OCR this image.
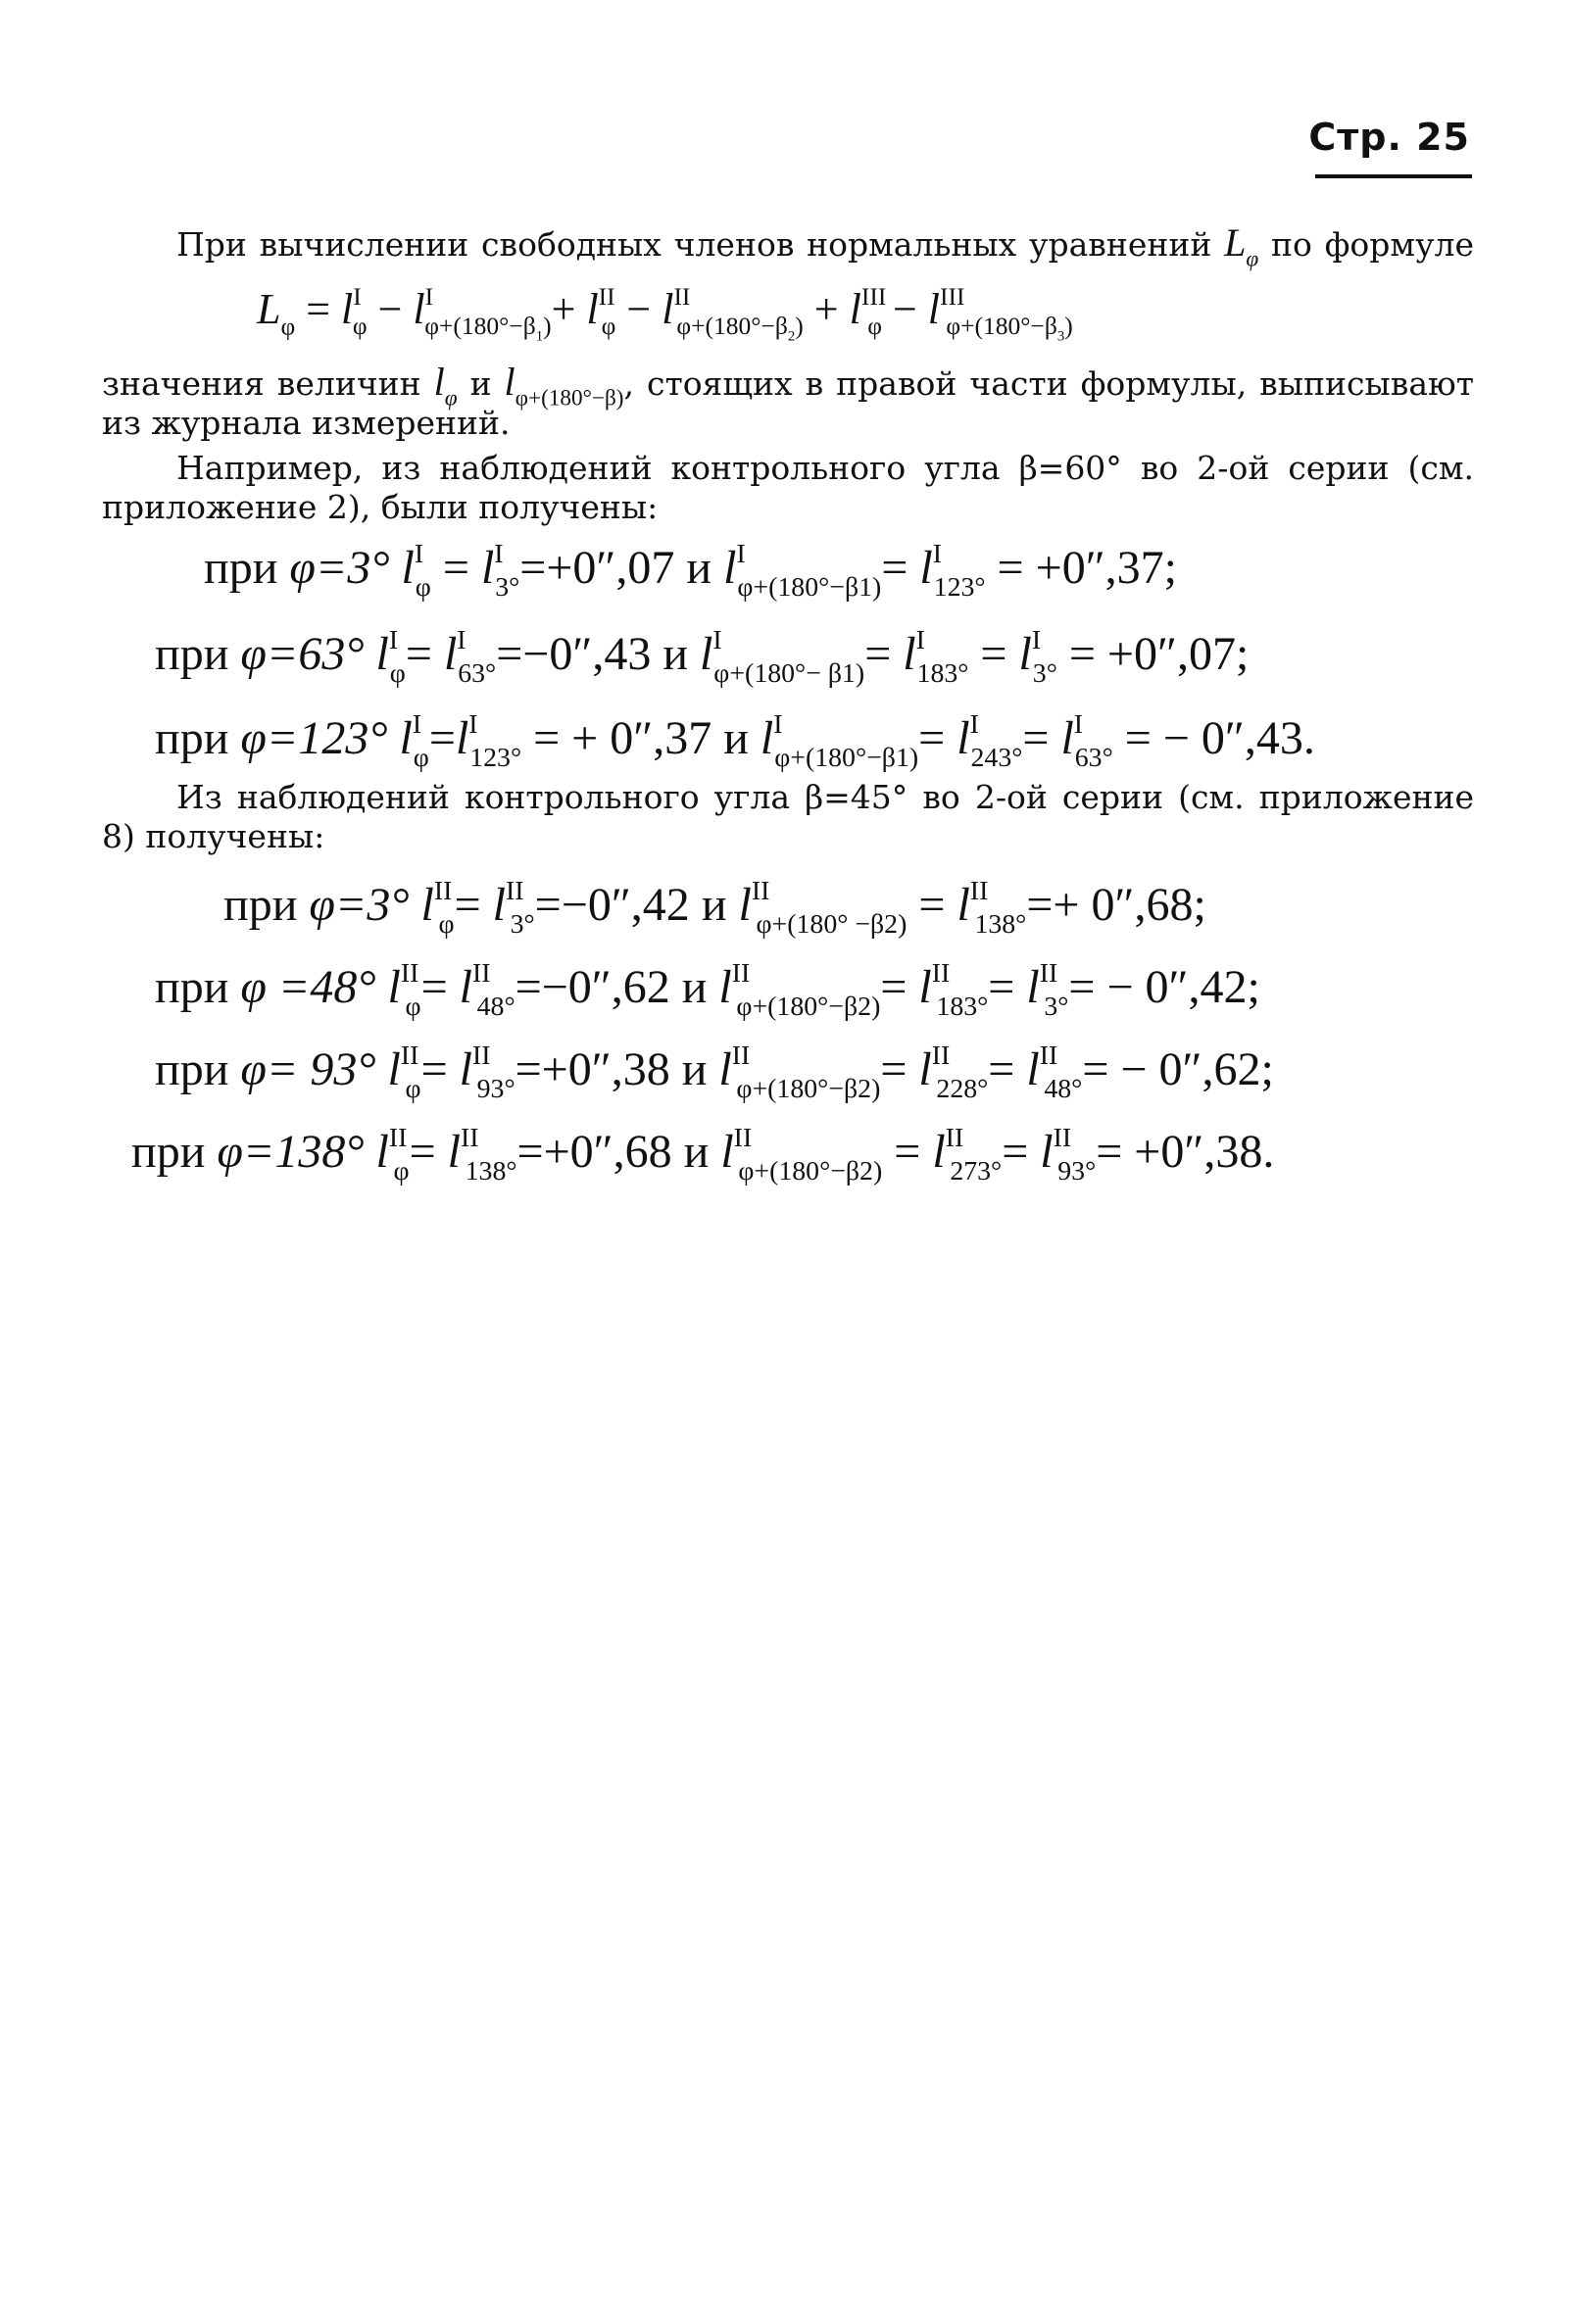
Стр. 25
При вычислении свободных членов нормальных уравнений $L_\varphi$ по формуле
$L_\varphi = l^I_\varphi - l^I_{\varphi+(180^\circ-\beta_1)}+ l^{II}_\varphi - l^{II}_{\varphi+(180^\circ-\beta_2)} + l^{III}_\varphi - l^{III}_{\varphi+(180^\circ-\beta_3)}$
значения величин $l_\varphi$ и $l_{\varphi+(180^\circ-\beta)}$, стоящих в правой части формулы, выписывают из журнала измерений.
Например, из наблюдений контрольного угла β=60° во 2-ой серии (см. приложение 2), были получены:
при φ=3° $l^I_\varphi = l^I_{3^\circ}=+0'',07$ и $l^I_{\varphi+(180^\circ-\beta 1)}= l^I_{123^\circ} = +0'',37$;
при φ=63° $l^I_\varphi= l^I_{63^\circ}=-0'',43$ и $l^I_{\varphi+(180^\circ- \beta 1)}= l^I_{183^\circ} = l^I_{3^\circ} = +0'',07$;
при φ=123° $l^I_\varphi=l^I_{123^\circ}$ = + 0″,37 и $l^I_{\varphi+(180^\circ-\beta 1)}= l^I_{243^\circ}= l^I_{63^\circ}$ = − 0″,43.
Из наблюдений контрольного угла β=45° во 2-ой серии (см. приложение 8) получены:
при φ=3° $l^{II}_\varphi= l^{II}_{3^\circ}=-0'',42$ и $l^{II}_{\varphi+(180^\circ -\beta 2)} = l^{II}_{138^\circ}=+ 0'',68$;
при φ =48° $l^{II}_\varphi= l^{II}_{48^\circ}=-0'',62$ и $l^{II}_{\varphi+(180^\circ-\beta 2)}= l^{II}_{183^\circ}= l^{II}_{3^\circ}= - 0'',42$;
при φ= 93° $l^{II}_\varphi= l^{II}_{93^\circ}=+0'',38$ и $l^{II}_{\varphi+(180^\circ-\beta 2)}= l^{II}_{228^\circ}= l^{II}_{48^\circ}= - 0'',62$;
при φ=138° $l^{II}_\varphi= l^{II}_{138^\circ}=+0'',68$ и $l^{II}_{\varphi+(180^\circ-\beta 2)} = l^{II}_{273^\circ}= l^{II}_{93^\circ}= +0'',38$.
